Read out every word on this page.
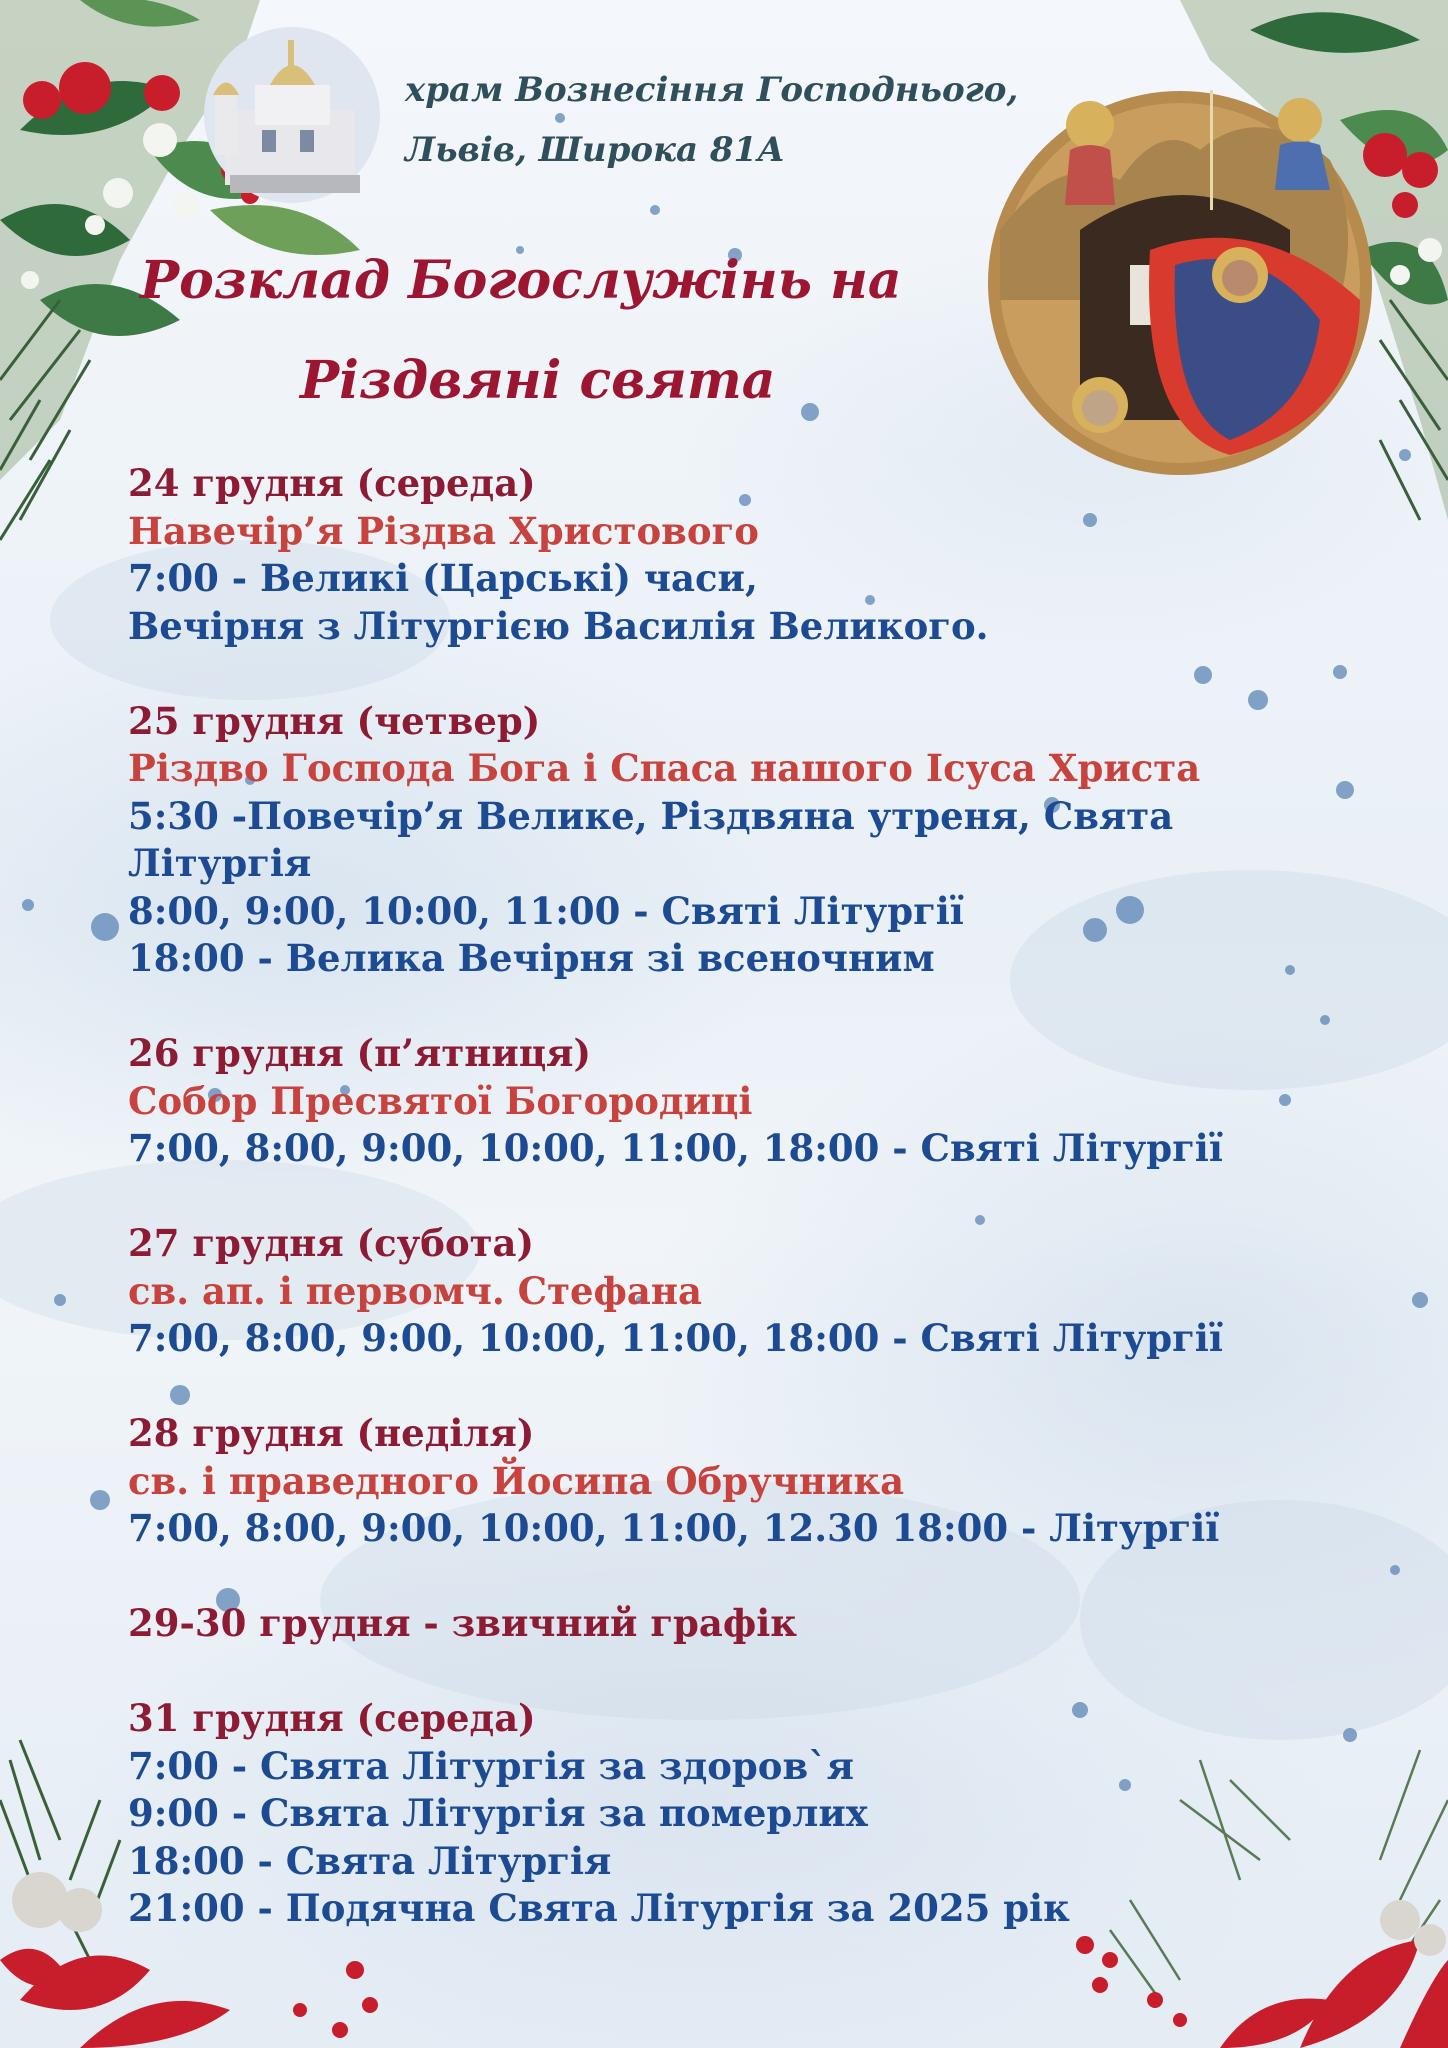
храм Вознесіння Господнього,
Львів, Широка 81А
Розклад Богослужінь на
Різдвяні свята
24 грудня (середа)
Навечір’я Різдва Христового
7:00 - Великі (Царські) часи,
Вечірня з Літургією Василія Великого.
25 грудня (четвер)
Різдво Господа Бога і Спаса нашого Ісуса Христа
5:30 -Повечір’я Велике, Різдвяна утреня, Свята Літургія
8:00, 9:00, 10:00, 11:00 - Святі Літургії
18:00 - Велика Вечірня зі всеночним
26 грудня (п’ятниця)
Собор Пресвятої Богородиці
7:00, 8:00, 9:00, 10:00, 11:00, 18:00 - Святі Літургії
27 грудня (субота)
св. ап. і первомч. Стефана
7:00, 8:00, 9:00, 10:00, 11:00, 18:00 - Святі Літургії
28 грудня (неділя)
св. і праведного Йосипа Обручника
7:00, 8:00, 9:00, 10:00, 11:00, 12.30 18:00 - Літургії
29-30 грудня - звичний графік
31 грудня (середа)
7:00 - Свята Літургія за здоров`я
9:00 - Свята Літургія за померлих
18:00 - Свята Літургія
21:00 - Подячна Свята Літургія за 2025 рік
